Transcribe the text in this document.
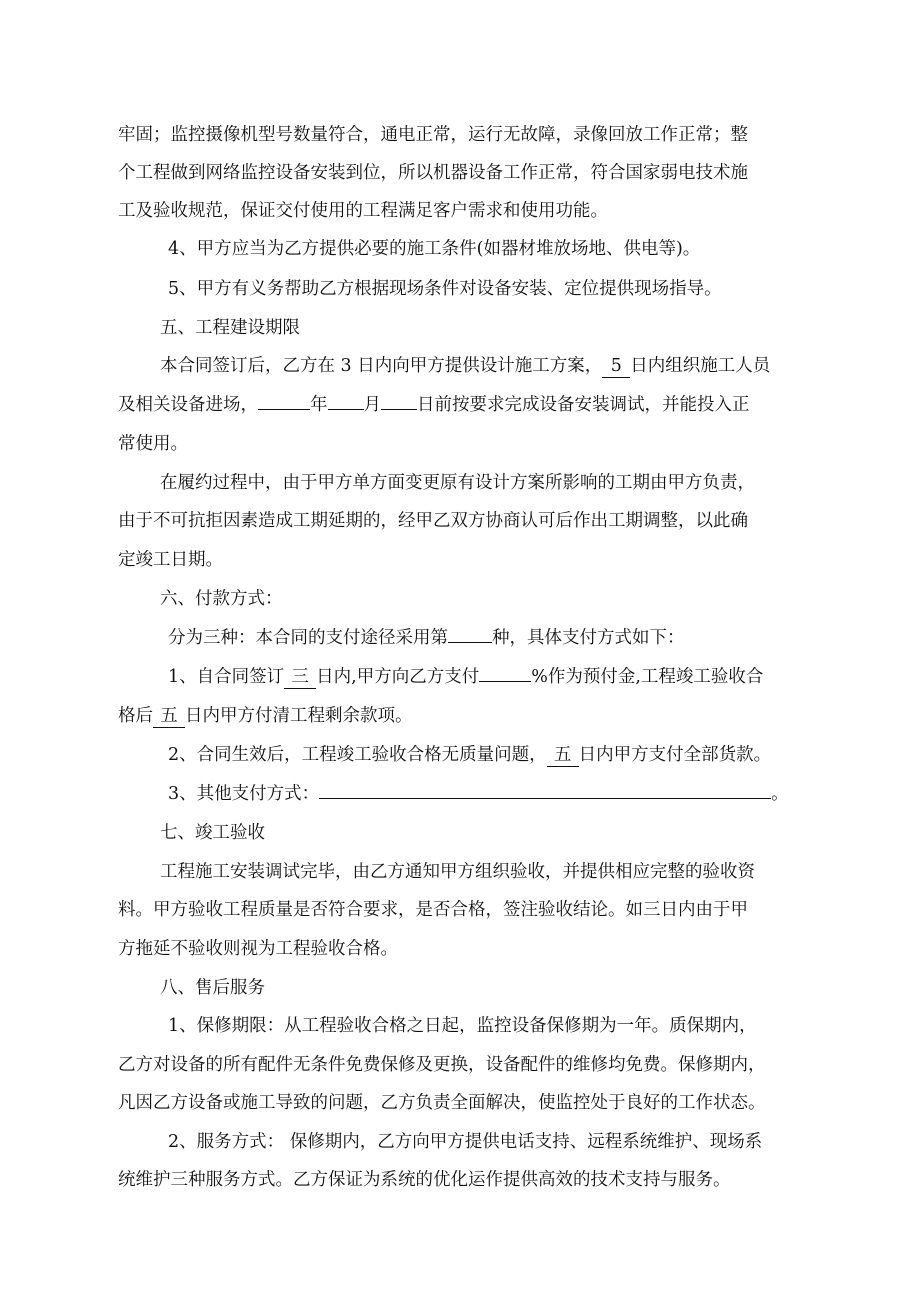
牢固；监控摄像机型号数量符合，通电正常，运行无故障，录像回放工作正常；整
个工程做到网络监控设备安装到位，所以机器设备工作正常，符合国家弱电技术施
工及验收规范，保证交付使用的工程满足客户需求和使用功能。
4、甲方应当为乙方提供必要的施工条件(如器材堆放场地、供电等)。
5、甲方有义务帮助乙方根据现场条件对设备安装、定位提供现场指导。
五、工程建设期限
本合同签订后，乙方在 3 日内向甲方提供设计施工方案， 5 日内组织施工人员
及相关设备进场，	年 月 日前按要求完成设备安装调试，并能投入正
常使用。
在履约过程中，由于甲方单方面变更原有设计方案所影响的工期由甲方负责，
由于不可抗拒因素造成工期延期的，经甲乙双方协商认可后作出工期调整，以此确
定竣工日期。
六、付款方式：
分为三种：本合同的支付途径采用第	种，具体支付方式如下：
1、自合同签订 三 日内,甲方向乙方支付	%作为预付金,工程竣工验收合
格后 五 日内甲方付清工程剩余款项。
2、合同生效后，工程竣工验收合格无质量问题， 五 日内甲方支付全部货款。
3、其他支付方式：	。
七、竣工验收
工程施工安装调试完毕，由乙方通知甲方组织验收，并提供相应完整的验收资
料。甲方验收工程质量是否符合要求，是否合格，签注验收结论。如三日内由于甲
方拖延不验收则视为工程验收合格。
八、售后服务
1、保修期限：从工程验收合格之日起，监控设备保修期为一年。质保期内，
乙方对设备的所有配件无条件免费保修及更换，设备配件的维修均免费。保修期内，
凡因乙方设备或施工导致的问题，乙方负责全面解决，使监控处于良好的工作状态。
2、服务方式： 保修期内，乙方向甲方提供电话支持、远程系统维护、现场系
统维护三种服务方式。乙方保证为系统的优化运作提供高效的技术支持与服务。
